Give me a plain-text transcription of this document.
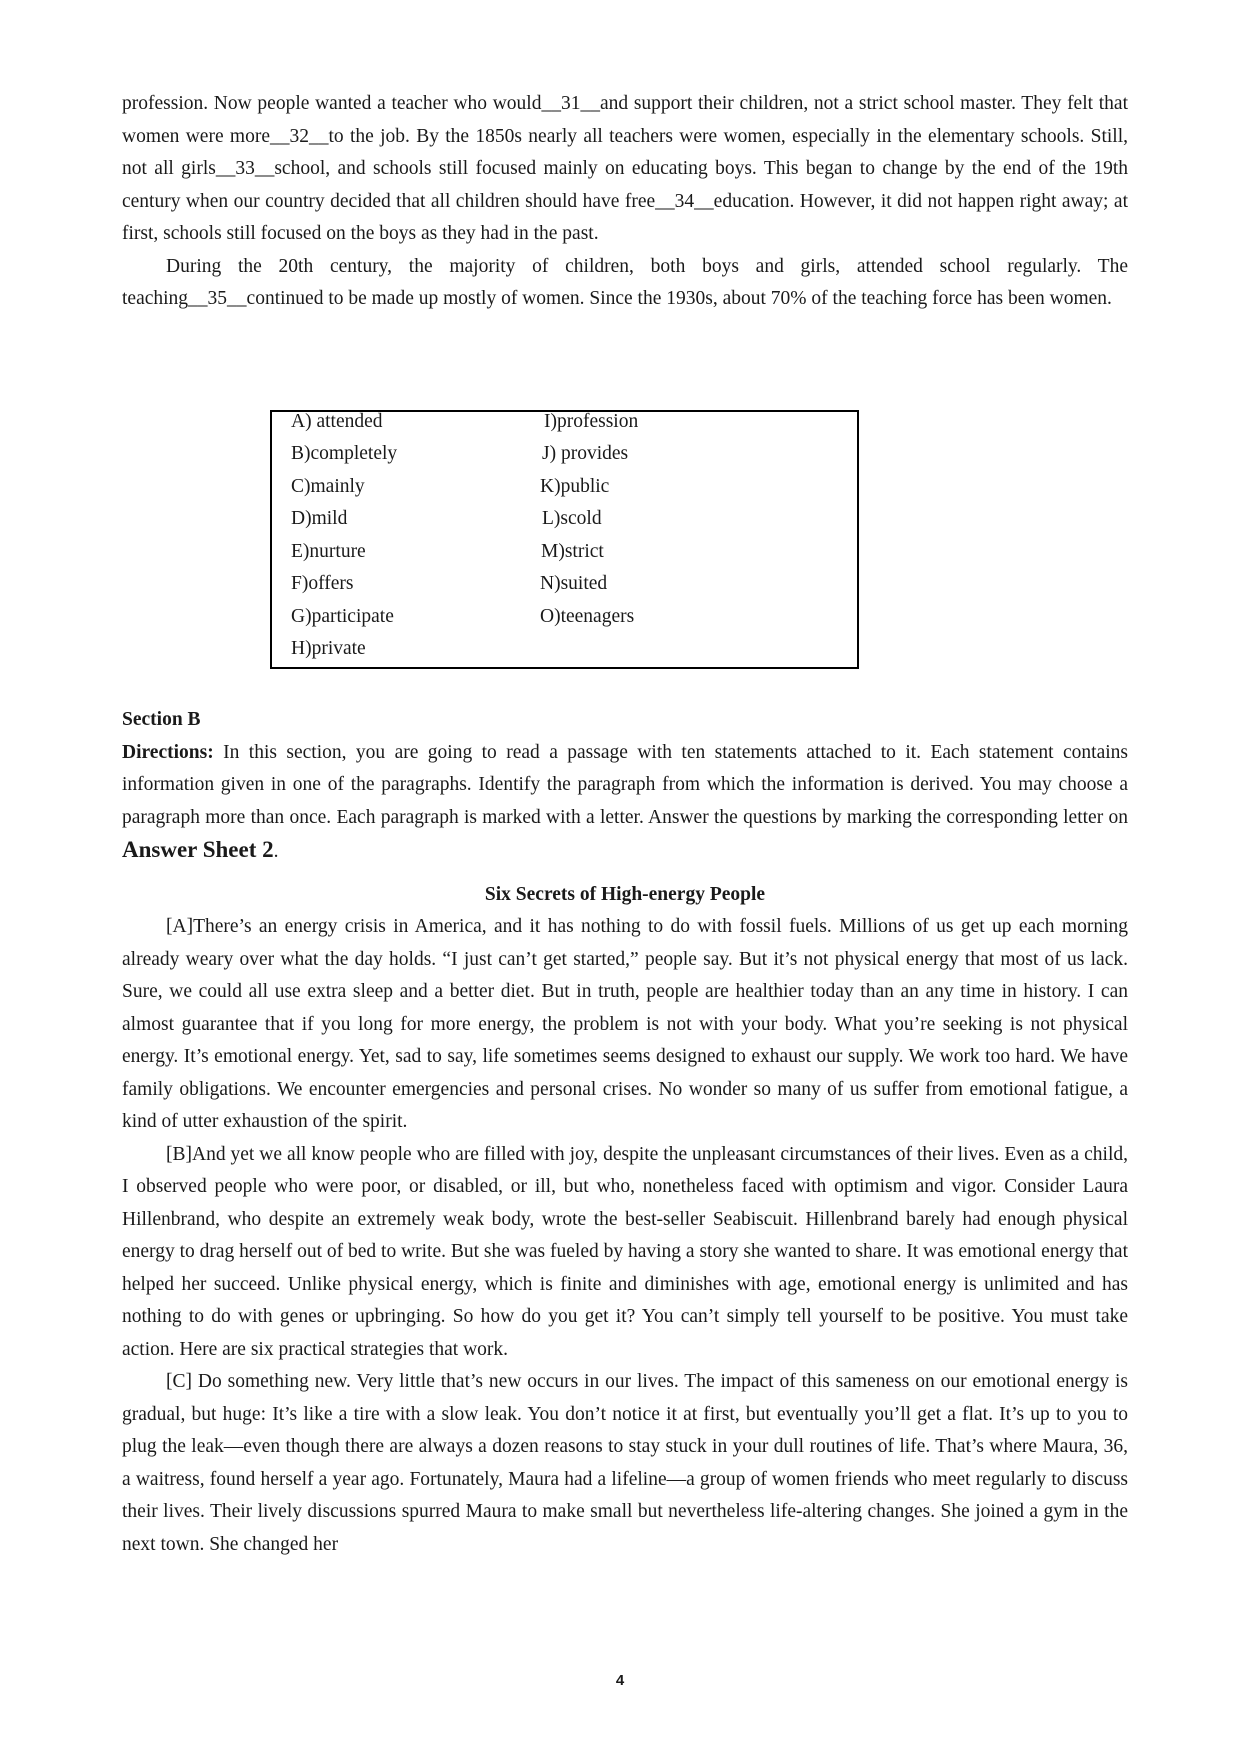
profession. Now people wanted a teacher who would__31__and support their children, not a strict school master. They felt that women were more__32__to the job. By the 1850s nearly all teachers were women, especially in the elementary schools. Still, not all girls__33__school, and schools still focused mainly on educating boys. This began to change by the end of the 19th century when our country decided that all children should have free__34__education. However, it did not happen right away; at first, schools still focused on the boys as they had in the past.

During the 20th century, the majority of children, both boys and girls, attended school regularly. The teaching__35__continued to be made up mostly of women. Since the 1930s, about 70% of the teaching force has been women.

A) attended
B)completely
C)mainly
D)mild
E)nurture
F)offers
G)participate
H)private
I)profession
J) provides
K)public
L)scold
M)strict
N)suited
O)teenagers

Section B

Directions: In this section, you are going to read a passage with ten statements attached to it. Each statement contains information given in one of the paragraphs. Identify the paragraph from which the information is derived. You may choose a paragraph more than once. Each paragraph is marked with a letter. Answer the questions by marking the corresponding letter on Answer Sheet 2.

Six Secrets of High-energy People

[A]There’s an energy crisis in America, and it has nothing to do with fossil fuels. Millions of us get up each morning already weary over what the day holds. “I just can’t get started,” people say. But it’s not physical energy that most of us lack. Sure, we could all use extra sleep and a better diet. But in truth, people are healthier today than an any time in history. I can almost guarantee that if you long for more energy, the problem is not with your body. What you’re seeking is not physical energy. It’s emotional energy. Yet, sad to say, life sometimes seems designed to exhaust our supply. We work too hard. We have family obligations. We encounter emergencies and personal crises. No wonder so many of us suffer from emotional fatigue, a kind of utter exhaustion of the spirit.

[B]And yet we all know people who are filled with joy, despite the unpleasant circumstances of their lives. Even as a child, I observed people who were poor, or disabled, or ill, but who, nonetheless faced with optimism and vigor. Consider Laura Hillenbrand, who despite an extremely weak body, wrote the best-seller Seabiscuit. Hillenbrand barely had enough physical energy to drag herself out of bed to write. But she was fueled by having a story she wanted to share. It was emotional energy that helped her succeed. Unlike physical energy, which is finite and diminishes with age, emotional energy is unlimited and has nothing to do with genes or upbringing. So how do you get it? You can’t simply tell yourself to be positive. You must take action. Here are six practical strategies that work.

[C] Do something new. Very little that’s new occurs in our lives. The impact of this sameness on our emotional energy is gradual, but huge: It’s like a tire with a slow leak. You don’t notice it at first, but eventually you’ll get a flat. It’s up to you to plug the leak—even though there are always a dozen reasons to stay stuck in your dull routines of life. That’s where Maura, 36, a waitress, found herself a year ago. Fortunately, Maura had a lifeline—a group of women friends who meet regularly to discuss their lives. Their lively discussions spurred Maura to make small but nevertheless life-altering changes. She joined a gym in the next town. She changed her

4
